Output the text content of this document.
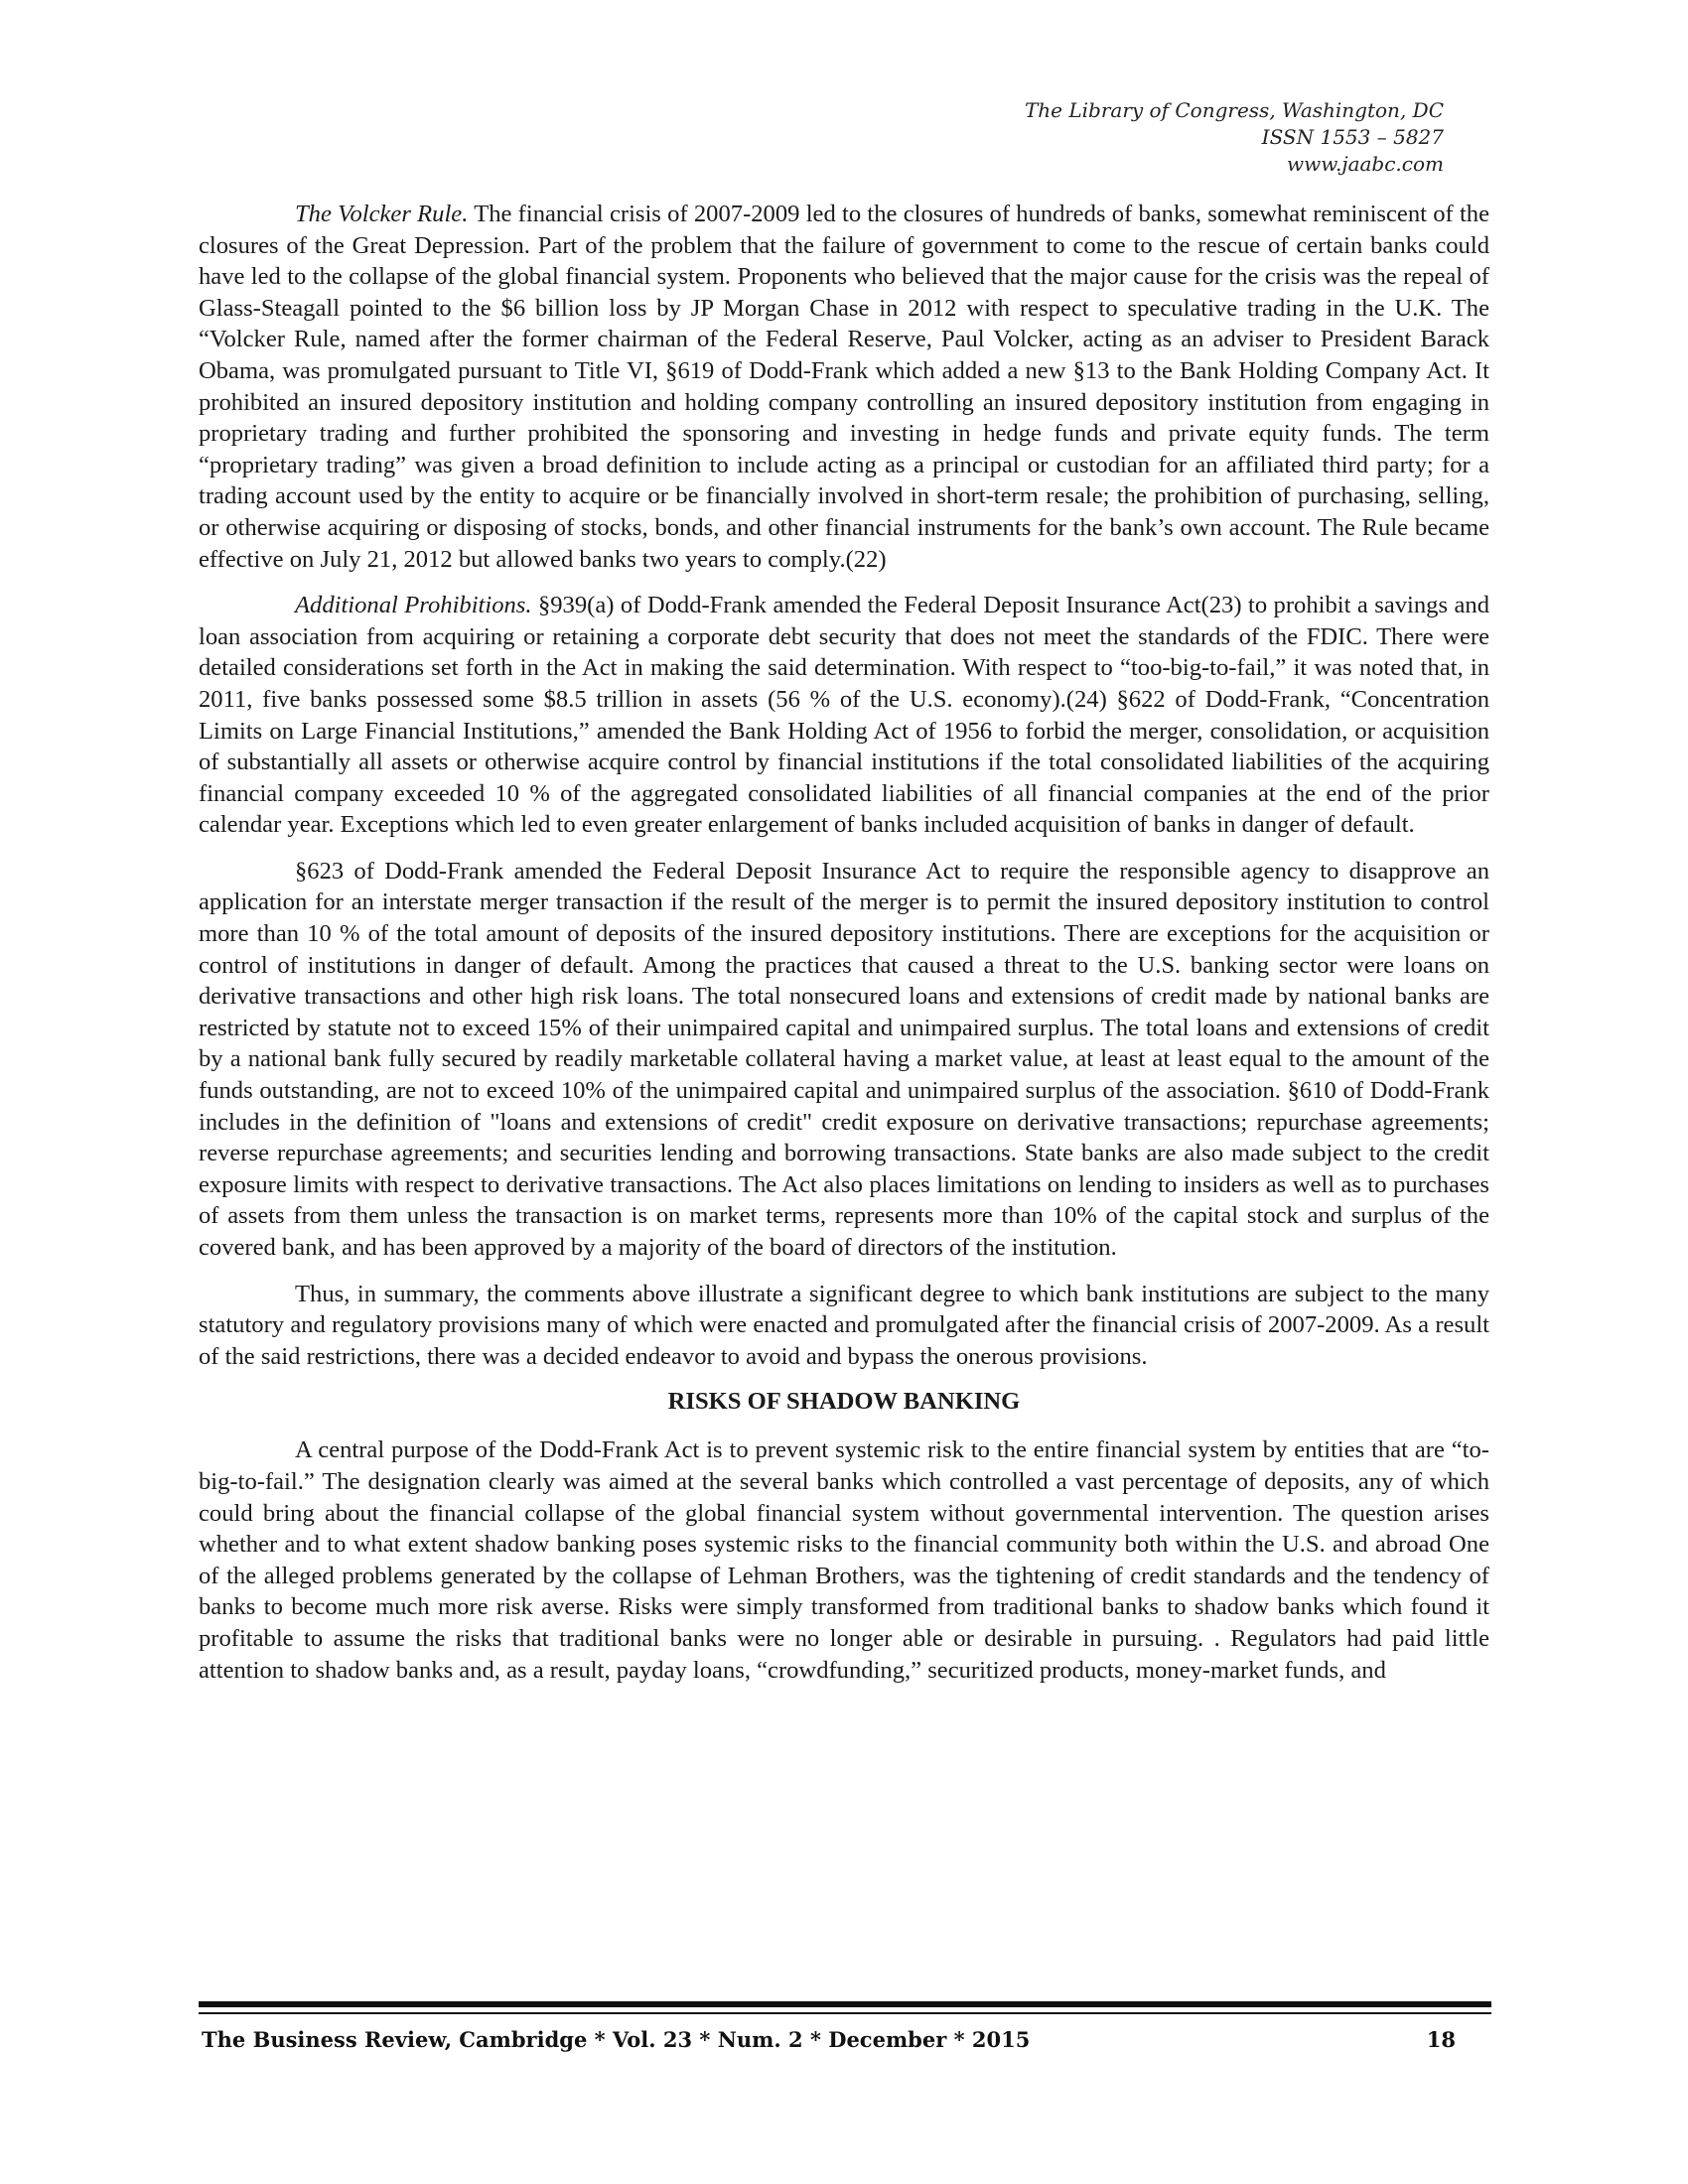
The Library of Congress, Washington, DC
ISSN 1553 – 5827
www.jaabc.com

The Volcker Rule. The financial crisis of 2007-2009 led to the closures of hundreds of banks, somewhat reminiscent of the closures of the Great Depression. Part of the problem that the failure of government to come to the rescue of certain banks could have led to the collapse of the global financial system. Proponents who believed that the major cause for the crisis was the repeal of Glass-Steagall pointed to the $6 billion loss by JP Morgan Chase in 2012 with respect to speculative trading in the U.K. The “Volcker Rule, named after the former chairman of the Federal Reserve, Paul Volcker, acting as an adviser to President Barack Obama, was promulgated pursuant to Title VI, §619 of Dodd-Frank which added a new §13 to the Bank Holding Company Act. It prohibited an insured depository institution and holding company controlling an insured depository institution from engaging in proprietary trading and further prohibited the sponsoring and investing in hedge funds and private equity funds. The term “proprietary trading” was given a broad definition to include acting as a principal or custodian for an affiliated third party; for a trading account used by the entity to acquire or be financially involved in short-term resale; the prohibition of purchasing, selling, or otherwise acquiring or disposing of stocks, bonds, and other financial instruments for the bank’s own account. The Rule became effective on July 21, 2012 but allowed banks two years to comply.(22)

Additional Prohibitions. §939(a) of Dodd-Frank amended the Federal Deposit Insurance Act(23) to prohibit a savings and loan association from acquiring or retaining a corporate debt security that does not meet the standards of the FDIC. There were detailed considerations set forth in the Act in making the said determination. With respect to “too-big-to-fail,” it was noted that, in 2011, five banks possessed some $8.5 trillion in assets (56 % of the U.S. economy).(24) §622 of Dodd-Frank, “Concentration Limits on Large Financial Institutions,” amended the Bank Holding Act of 1956 to forbid the merger, consolidation, or acquisition of substantially all assets or otherwise acquire control by financial institutions if the total consolidated liabilities of the acquiring financial company exceeded 10 % of the aggregated consolidated liabilities of all financial companies at the end of the prior calendar year. Exceptions which led to even greater enlargement of banks included acquisition of banks in danger of default.

§623 of Dodd-Frank amended the Federal Deposit Insurance Act to require the responsible agency to disapprove an application for an interstate merger transaction if the result of the merger is to permit the insured depository institution to control more than 10 % of the total amount of deposits of the insured depository institutions. There are exceptions for the acquisition or control of institutions in danger of default. Among the practices that caused a threat to the U.S. banking sector were loans on derivative transactions and other high risk loans. The total nonsecured loans and extensions of credit made by national banks are restricted by statute not to exceed 15% of their unimpaired capital and unimpaired surplus. The total loans and extensions of credit by a national bank fully secured by readily marketable collateral having a market value, at least at least equal to the amount of the funds outstanding, are not to exceed 10% of the unimpaired capital and unimpaired surplus of the association. §610 of Dodd-Frank includes in the definition of "loans and extensions of credit" credit exposure on derivative transactions; repurchase agreements; reverse repurchase agreements; and securities lending and borrowing transactions. State banks are also made subject to the credit exposure limits with respect to derivative transactions. The Act also places limitations on lending to insiders as well as to purchases of assets from them unless the transaction is on market terms, represents more than 10% of the capital stock and surplus of the covered bank, and has been approved by a majority of the board of directors of the institution.

Thus, in summary, the comments above illustrate a significant degree to which bank institutions are subject to the many statutory and regulatory provisions many of which were enacted and promulgated after the financial crisis of 2007-2009. As a result of the said restrictions, there was a decided endeavor to avoid and bypass the onerous provisions.

RISKS OF SHADOW BANKING

A central purpose of the Dodd-Frank Act is to prevent systemic risk to the entire financial system by entities that are “to-big-to-fail.” The designation clearly was aimed at the several banks which controlled a vast percentage of deposits, any of which could bring about the financial collapse of the global financial system without governmental intervention. The question arises whether and to what extent shadow banking poses systemic risks to the financial community both within the U.S. and abroad One of the alleged problems generated by the collapse of Lehman Brothers, was the tightening of credit standards and the tendency of banks to become much more risk averse. Risks were simply transformed from traditional banks to shadow banks which found it profitable to assume the risks that traditional banks were no longer able or desirable in pursuing. . Regulators had paid little attention to shadow banks and, as a result, payday loans, “crowdfunding,” securitized products, money-market funds, and

The Business Review, Cambridge * Vol. 23 * Num. 2 * December * 2015	18
